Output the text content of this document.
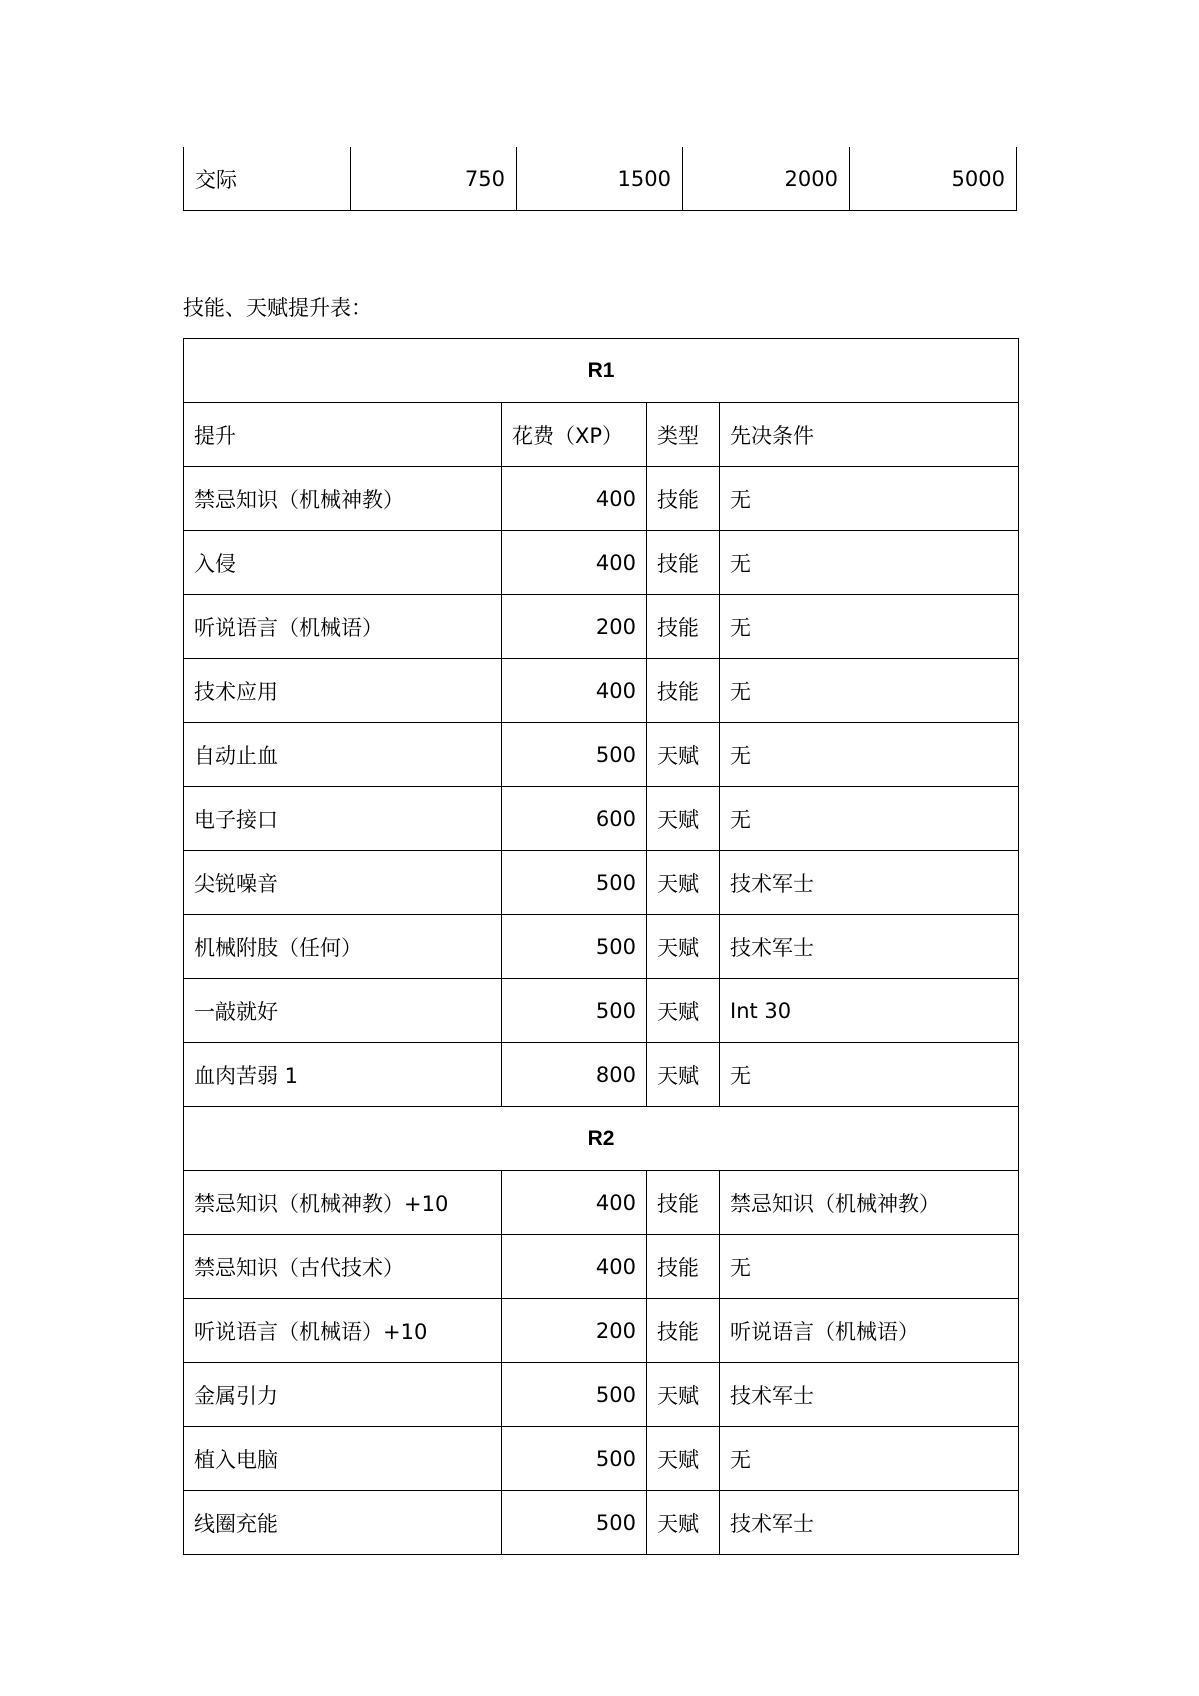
交际	750	1500	2000	5000

技能、天赋提升表：

R1			
提升	花费（XP）	类型	先决条件
禁忌知识（机械神教）	400	技能	无
入侵	400	技能	无
听说语言（机械语）	200	技能	无
技术应用	400	技能	无
自动止血	500	天赋	无
电子接口	600	天赋	无
尖锐噪音	500	天赋	技术军士
机械附肢（任何）	500	天赋	技术军士
一敲就好	500	天赋	Int 30
血肉苦弱 1	800	天赋	无
R2			
禁忌知识（机械神教）+10	400	技能	禁忌知识（机械神教）
禁忌知识（古代技术）	400	技能	无
听说语言（机械语）+10	200	技能	听说语言（机械语）
金属引力	500	天赋	技术军士
植入电脑	500	天赋	无
线圈充能	500	天赋	技术军士
